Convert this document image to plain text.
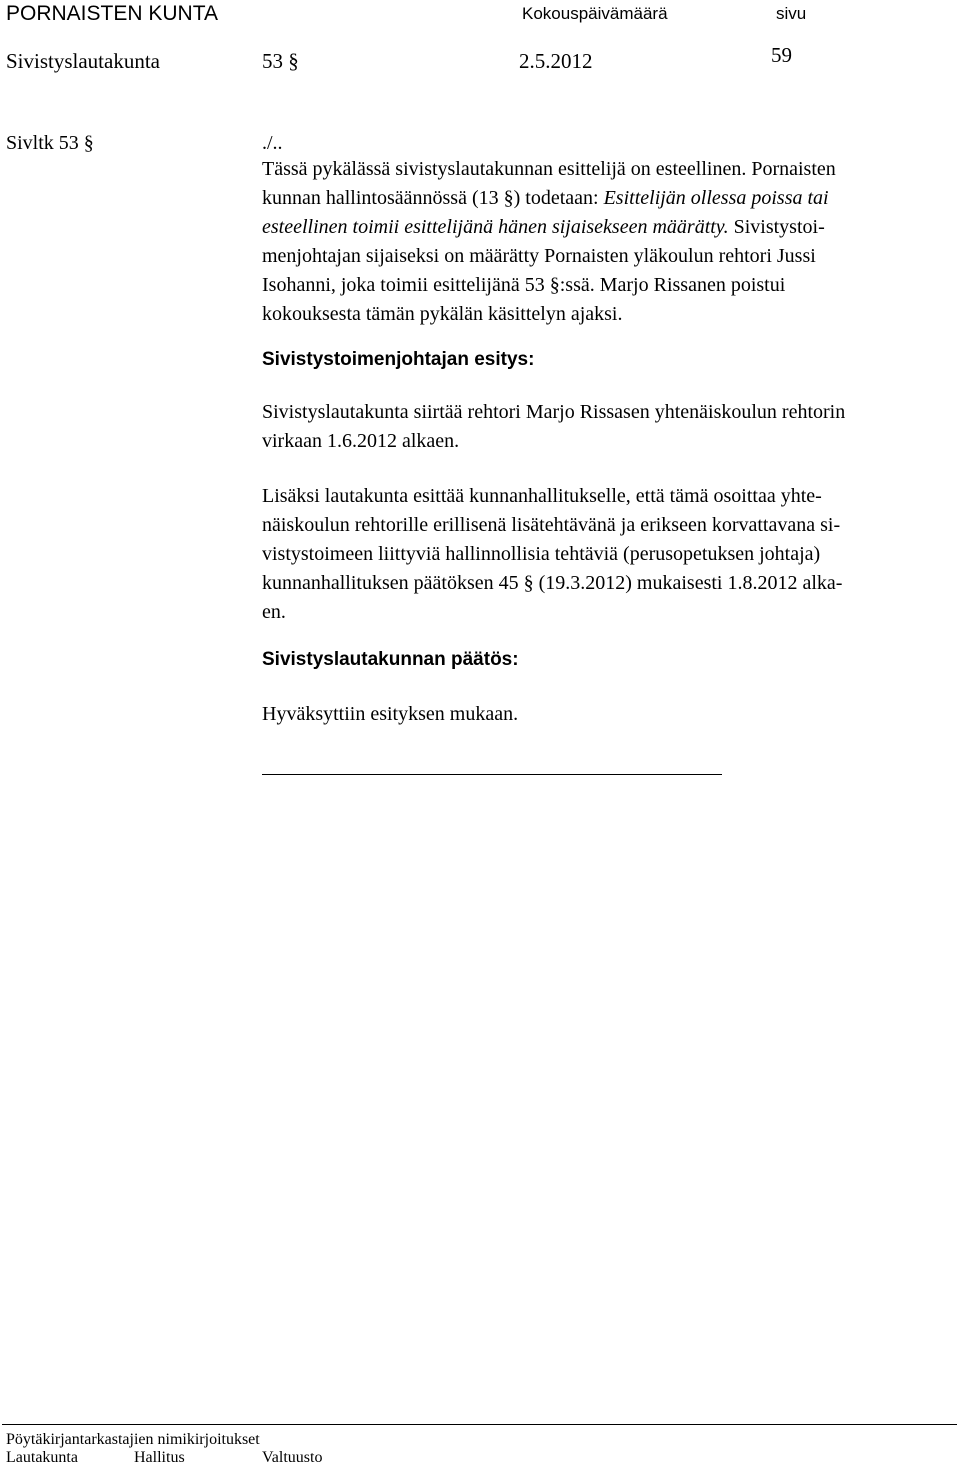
PORNAISTEN KUNTA	Kokouspäivämäärä	sivu
Sivistyslautakunta	53 §	2.5.2012	59
Sivltk 53 §	./..
Tässä pykälässä sivistyslautakunnan esittelijä on esteellinen. Pornaisten
kunnan hallintosäännössä (13 §) todetaan: Esittelijän ollessa poissa tai
esteellinen toimii esittelijänä hänen sijaisekseen määrätty. Sivistystoi-
menjohtajan sijaiseksi on määrätty Pornaisten yläkoulun rehtori Jussi
Isohanni, joka toimii esittelijänä 53 §:ssä. Marjo Rissanen poistui
kokouksesta tämän pykälän käsittelyn ajaksi.
Sivistystoimenjohtajan esitys:
Sivistyslautakunta siirtää rehtori Marjo Rissasen yhtenäiskoulun rehtorin
virkaan 1.6.2012 alkaen.
Lisäksi lautakunta esittää kunnanhallitukselle, että tämä osoittaa yhte-
näiskoulun rehtorille erillisenä lisätehtävänä ja erikseen korvattavana si-
vistystoimeen liittyviä hallinnollisia tehtäviä (perusopetuksen johtaja)
kunnanhallituksen päätöksen 45 § (19.3.2012) mukaisesti 1.8.2012 alka-
en.
Sivistyslautakunnan päätös:
Hyväksyttiin esityksen mukaan.
Pöytäkirjantarkastajien nimikirjoitukset
Lautakunta	Hallitus	Valtuusto
